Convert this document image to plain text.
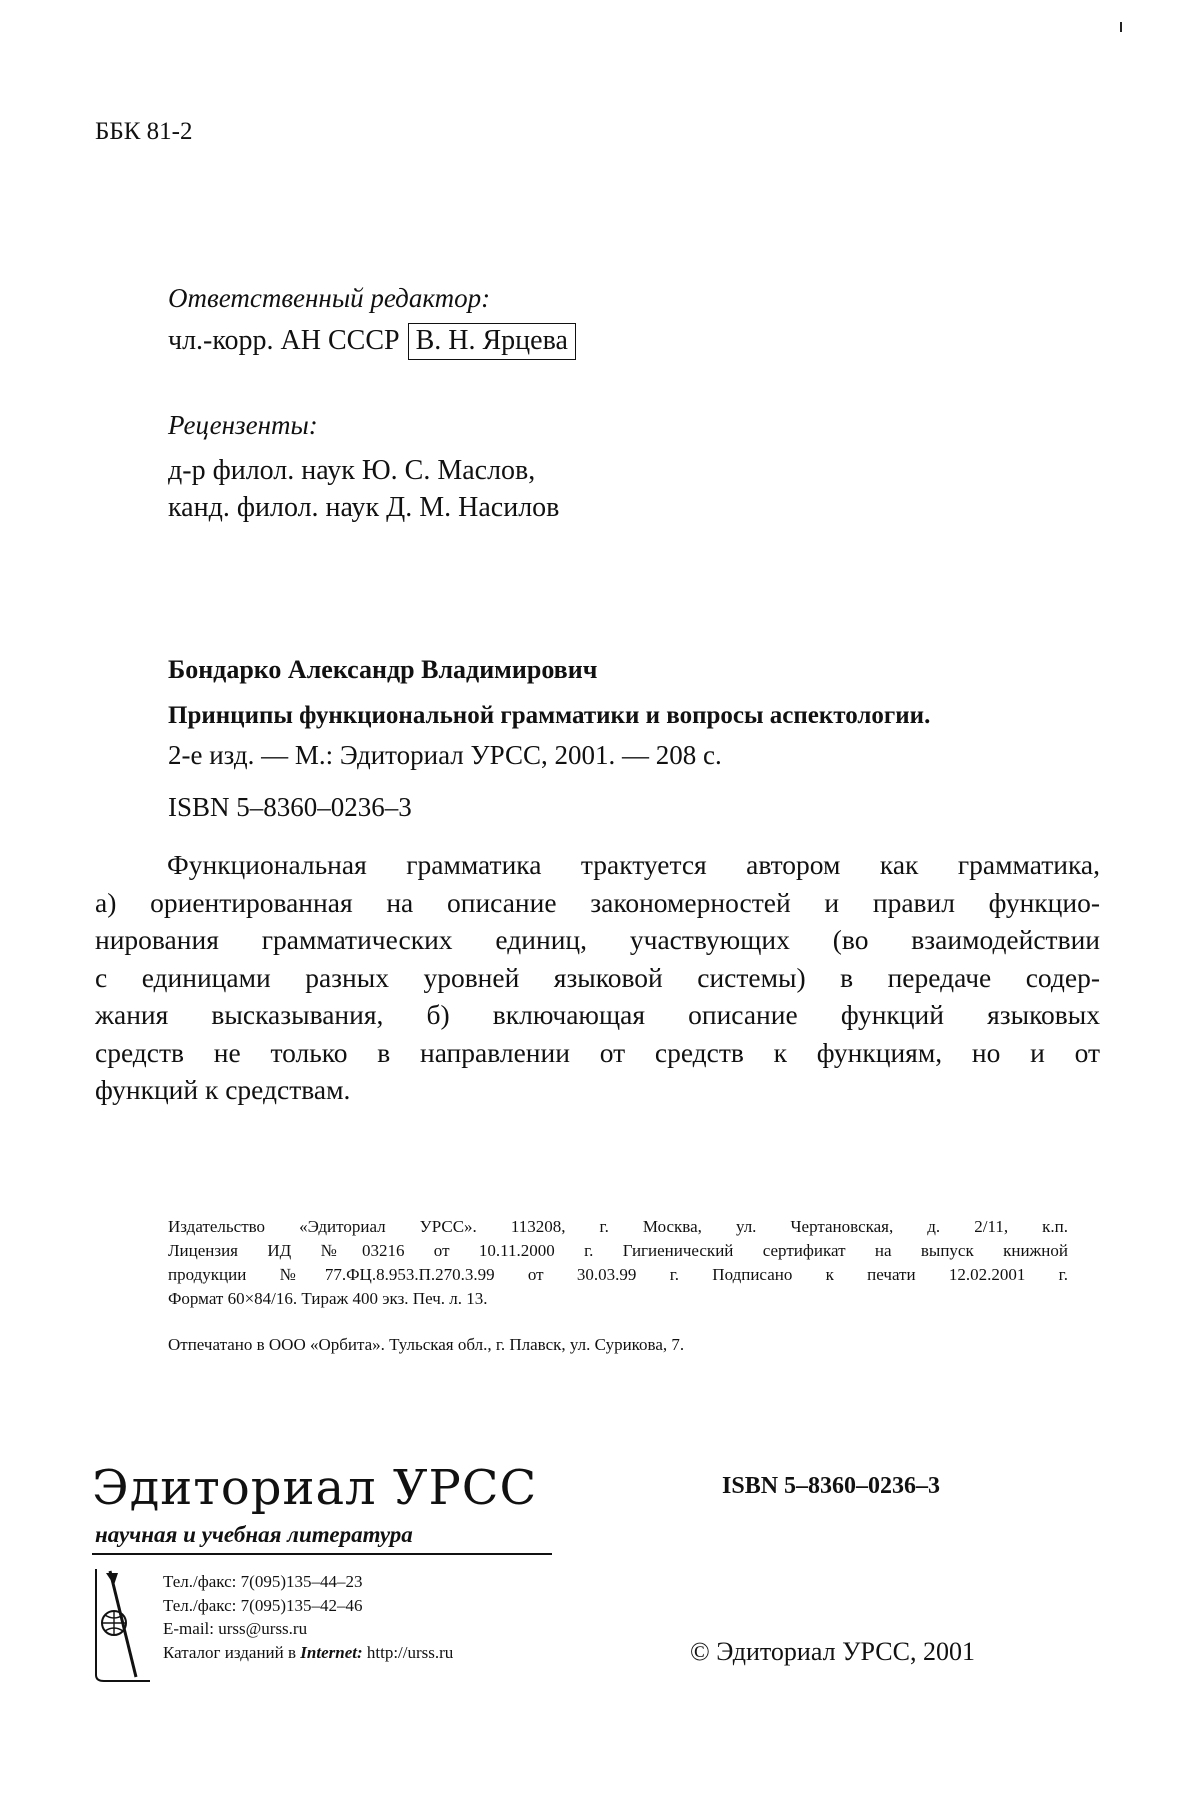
ББК 81-2
Ответственный редактор:
чл.-корр. АН СССР В. Н. Ярцева
Рецензенты:
д-р филол. наук Ю. С. Маслов,
канд. филол. наук Д. М. Насилов
Бондарко Александр Владимирович
Принципы функциональной грамматики и вопросы аспектологии.
2-е изд. — М.: Эдиториал УРСС, 2001. — 208 с.
ISBN 5–8360–0236–3
Функциональная грамматика трактуется автором как грамматика,
а) ориентированная на описание закономерностей и правил функцио-
нирования грамматических единиц, участвующих (во взаимодействии
с единицами разных уровней языковой системы) в передаче содер-
жания высказывания, б) включающая описание функций языковых
средств не только в направлении от средств к функциям, но и от
функций к средствам.
Издательство «Эдиториал УРСС». 113208, г. Москва, ул. Чертановская, д. 2/11, к.п.
Лицензия ИД №03216 от 10.11.2000 г. Гигиенический сертификат на выпуск книжной
продукции №77.ФЦ.8.953.П.270.3.99 от 30.03.99 г. Подписано к печати 12.02.2001 г.
Формат 60×84/16. Тираж 400 экз. Печ. л. 13.
Отпечатано в ООО «Орбита». Тульская обл., г. Плавск, ул. Сурикова, 7.
Эдиториал УРСС
научная и учебная литература
Тел./факс: 7(095)135–44–23
Тел./факс: 7(095)135–42–46
E-mail: urss@urss.ru
Каталог изданий в Internet: http://urss.ru
ISBN 5–8360–0236–3
© Эдиториал УРСС, 2001
